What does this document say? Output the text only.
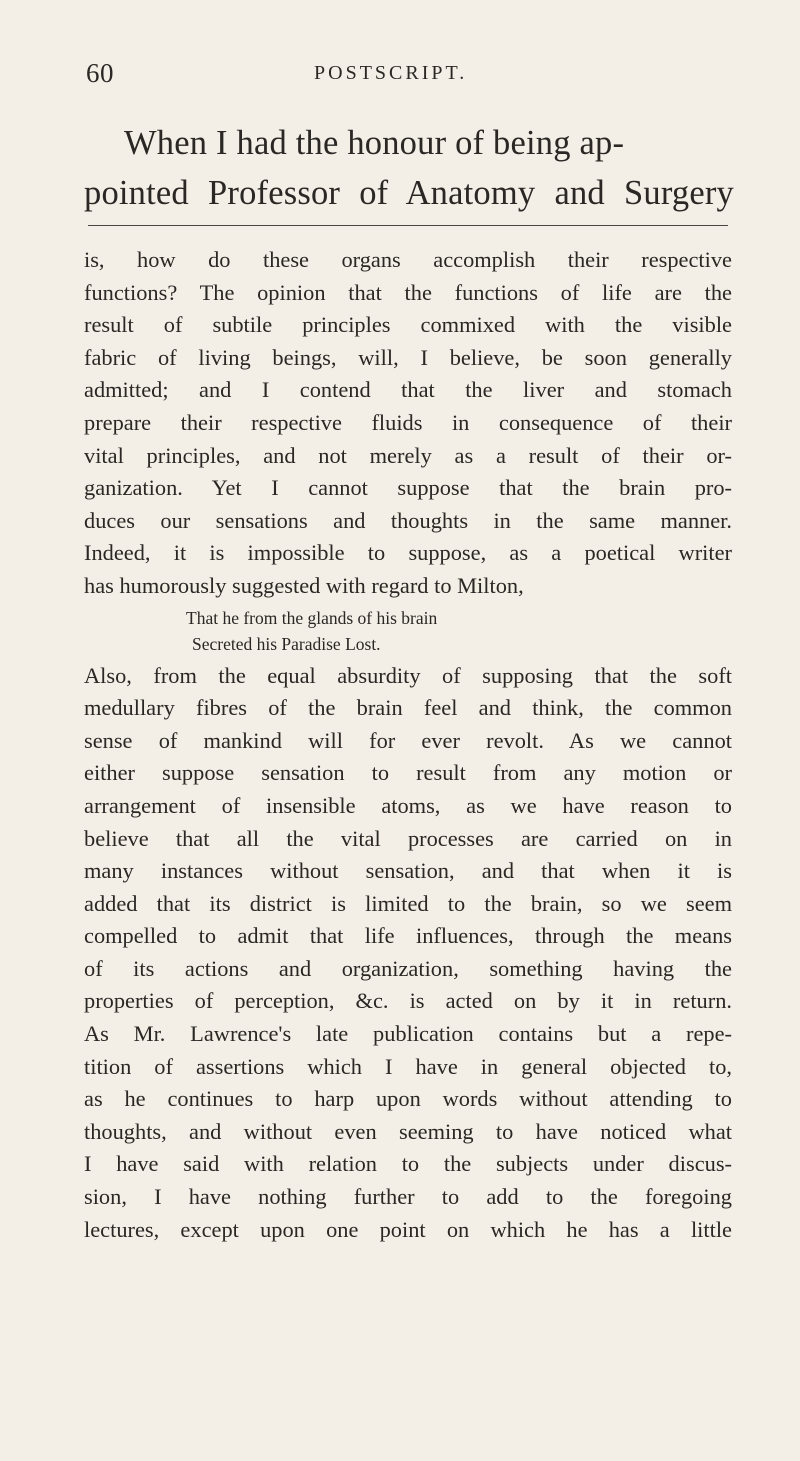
60	POSTSCRIPT.
When I had the honour of being ap-
pointed Professor of Anatomy and Surgery
is, how do these organs accomplish their respective
functions? The opinion that the functions of life are the
result of subtile principles commixed with the visible
fabric of living beings, will, I believe, be soon generally
admitted; and I contend that the liver and stomach
prepare their respective fluids in consequence of their
vital principles, and not merely as a result of their or-
ganization. Yet I cannot suppose that the brain pro-
duces our sensations and thoughts in the same manner.
Indeed, it is impossible to suppose, as a poetical writer
has humorously suggested with regard to Milton,
That he from the glands of his brain
Secreted his Paradise Lost.
Also, from the equal absurdity of supposing that the soft
medullary fibres of the brain feel and think, the common
sense of mankind will for ever revolt. As we cannot
either suppose sensation to result from any motion or
arrangement of insensible atoms, as we have reason to
believe that all the vital processes are carried on in
many instances without sensation, and that when it is
added that its district is limited to the brain, so we seem
compelled to admit that life influences, through the means
of its actions and organization, something having the
properties of perception, &c. is acted on by it in return.
As Mr. Lawrence's late publication contains but a repe-
tition of assertions which I have in general objected to,
as he continues to harp upon words without attending to
thoughts, and without even seeming to have noticed what
I have said with relation to the subjects under discus-
sion, I have nothing further to add to the foregoing
lectures, except upon one point on which he has a little
